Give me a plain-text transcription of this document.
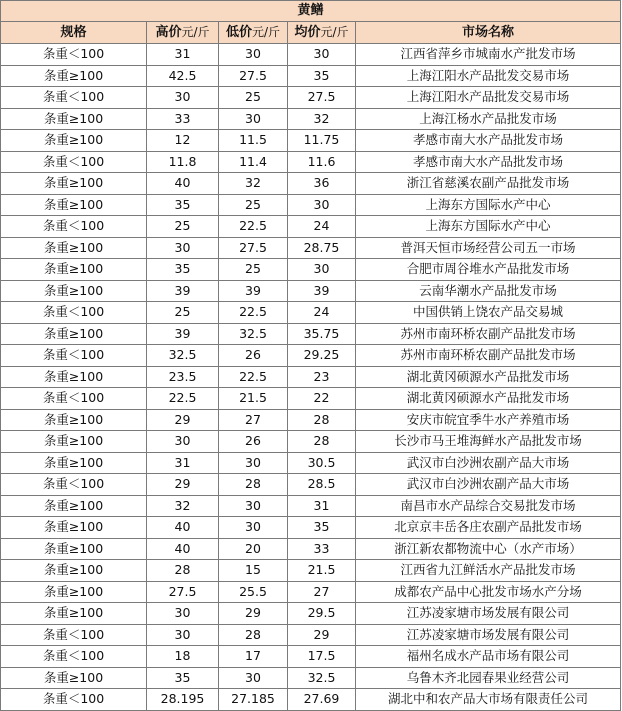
黄鳝				
规格	高价元/斤	低价元/斤	均价元/斤	市场名称
条重＜100	31	30	30	江西省萍乡市城南水产批发市场
条重≥100	42.5	27.5	35	上海江阳水产品批发交易市场
条重＜100	30	25	27.5	上海江阳水产品批发交易市场
条重≥100	33	30	32	上海江杨水产品批发市场
条重≥100	12	11.5	11.75	孝感市南大水产品批发市场
条重＜100	11.8	11.4	11.6	孝感市南大水产品批发市场
条重≥100	40	32	36	浙江省慈溪农副产品批发市场
条重≥100	35	25	30	上海东方国际水产中心
条重＜100	25	22.5	24	上海东方国际水产中心
条重≥100	30	27.5	28.75	普洱天恒市场经营公司五一市场
条重≥100	35	25	30	合肥市周谷堆水产品批发市场
条重≥100	39	39	39	云南华潮水产品批发市场
条重＜100	25	22.5	24	中国供销上饶农产品交易城
条重≥100	39	32.5	35.75	苏州市南环桥农副产品批发市场
条重＜100	32.5	26	29.25	苏州市南环桥农副产品批发市场
条重≥100	23.5	22.5	23	湖北黄冈硕源水产品批发市场
条重＜100	22.5	21.5	22	湖北黄冈硕源水产品批发市场
条重≥100	29	27	28	安庆市皖宜季牛水产养殖市场
条重≥100	30	26	28	长沙市马王堆海鲜水产品批发市场
条重≥100	31	30	30.5	武汉市白沙洲农副产品大市场
条重＜100	29	28	28.5	武汉市白沙洲农副产品大市场
条重≥100	32	30	31	南昌市水产品综合交易批发市场
条重≥100	40	30	35	北京京丰岳各庄农副产品批发市场
条重≥100	40	20	33	浙江新农都物流中心（水产市场）
条重≥100	28	15	21.5	江西省九江鲜活水产品批发市场
条重≥100	27.5	25.5	27	成都农产品中心批发市场水产分场
条重≥100	30	29	29.5	江苏凌家塘市场发展有限公司
条重＜100	30	28	29	江苏凌家塘市场发展有限公司
条重＜100	18	17	17.5	福州名成水产品市场有限公司
条重≥100	35	30	32.5	乌鲁木齐北园春果业经营公司
条重＜100	28.195	27.185	27.69	湖北中和农产品大市场有限责任公司
